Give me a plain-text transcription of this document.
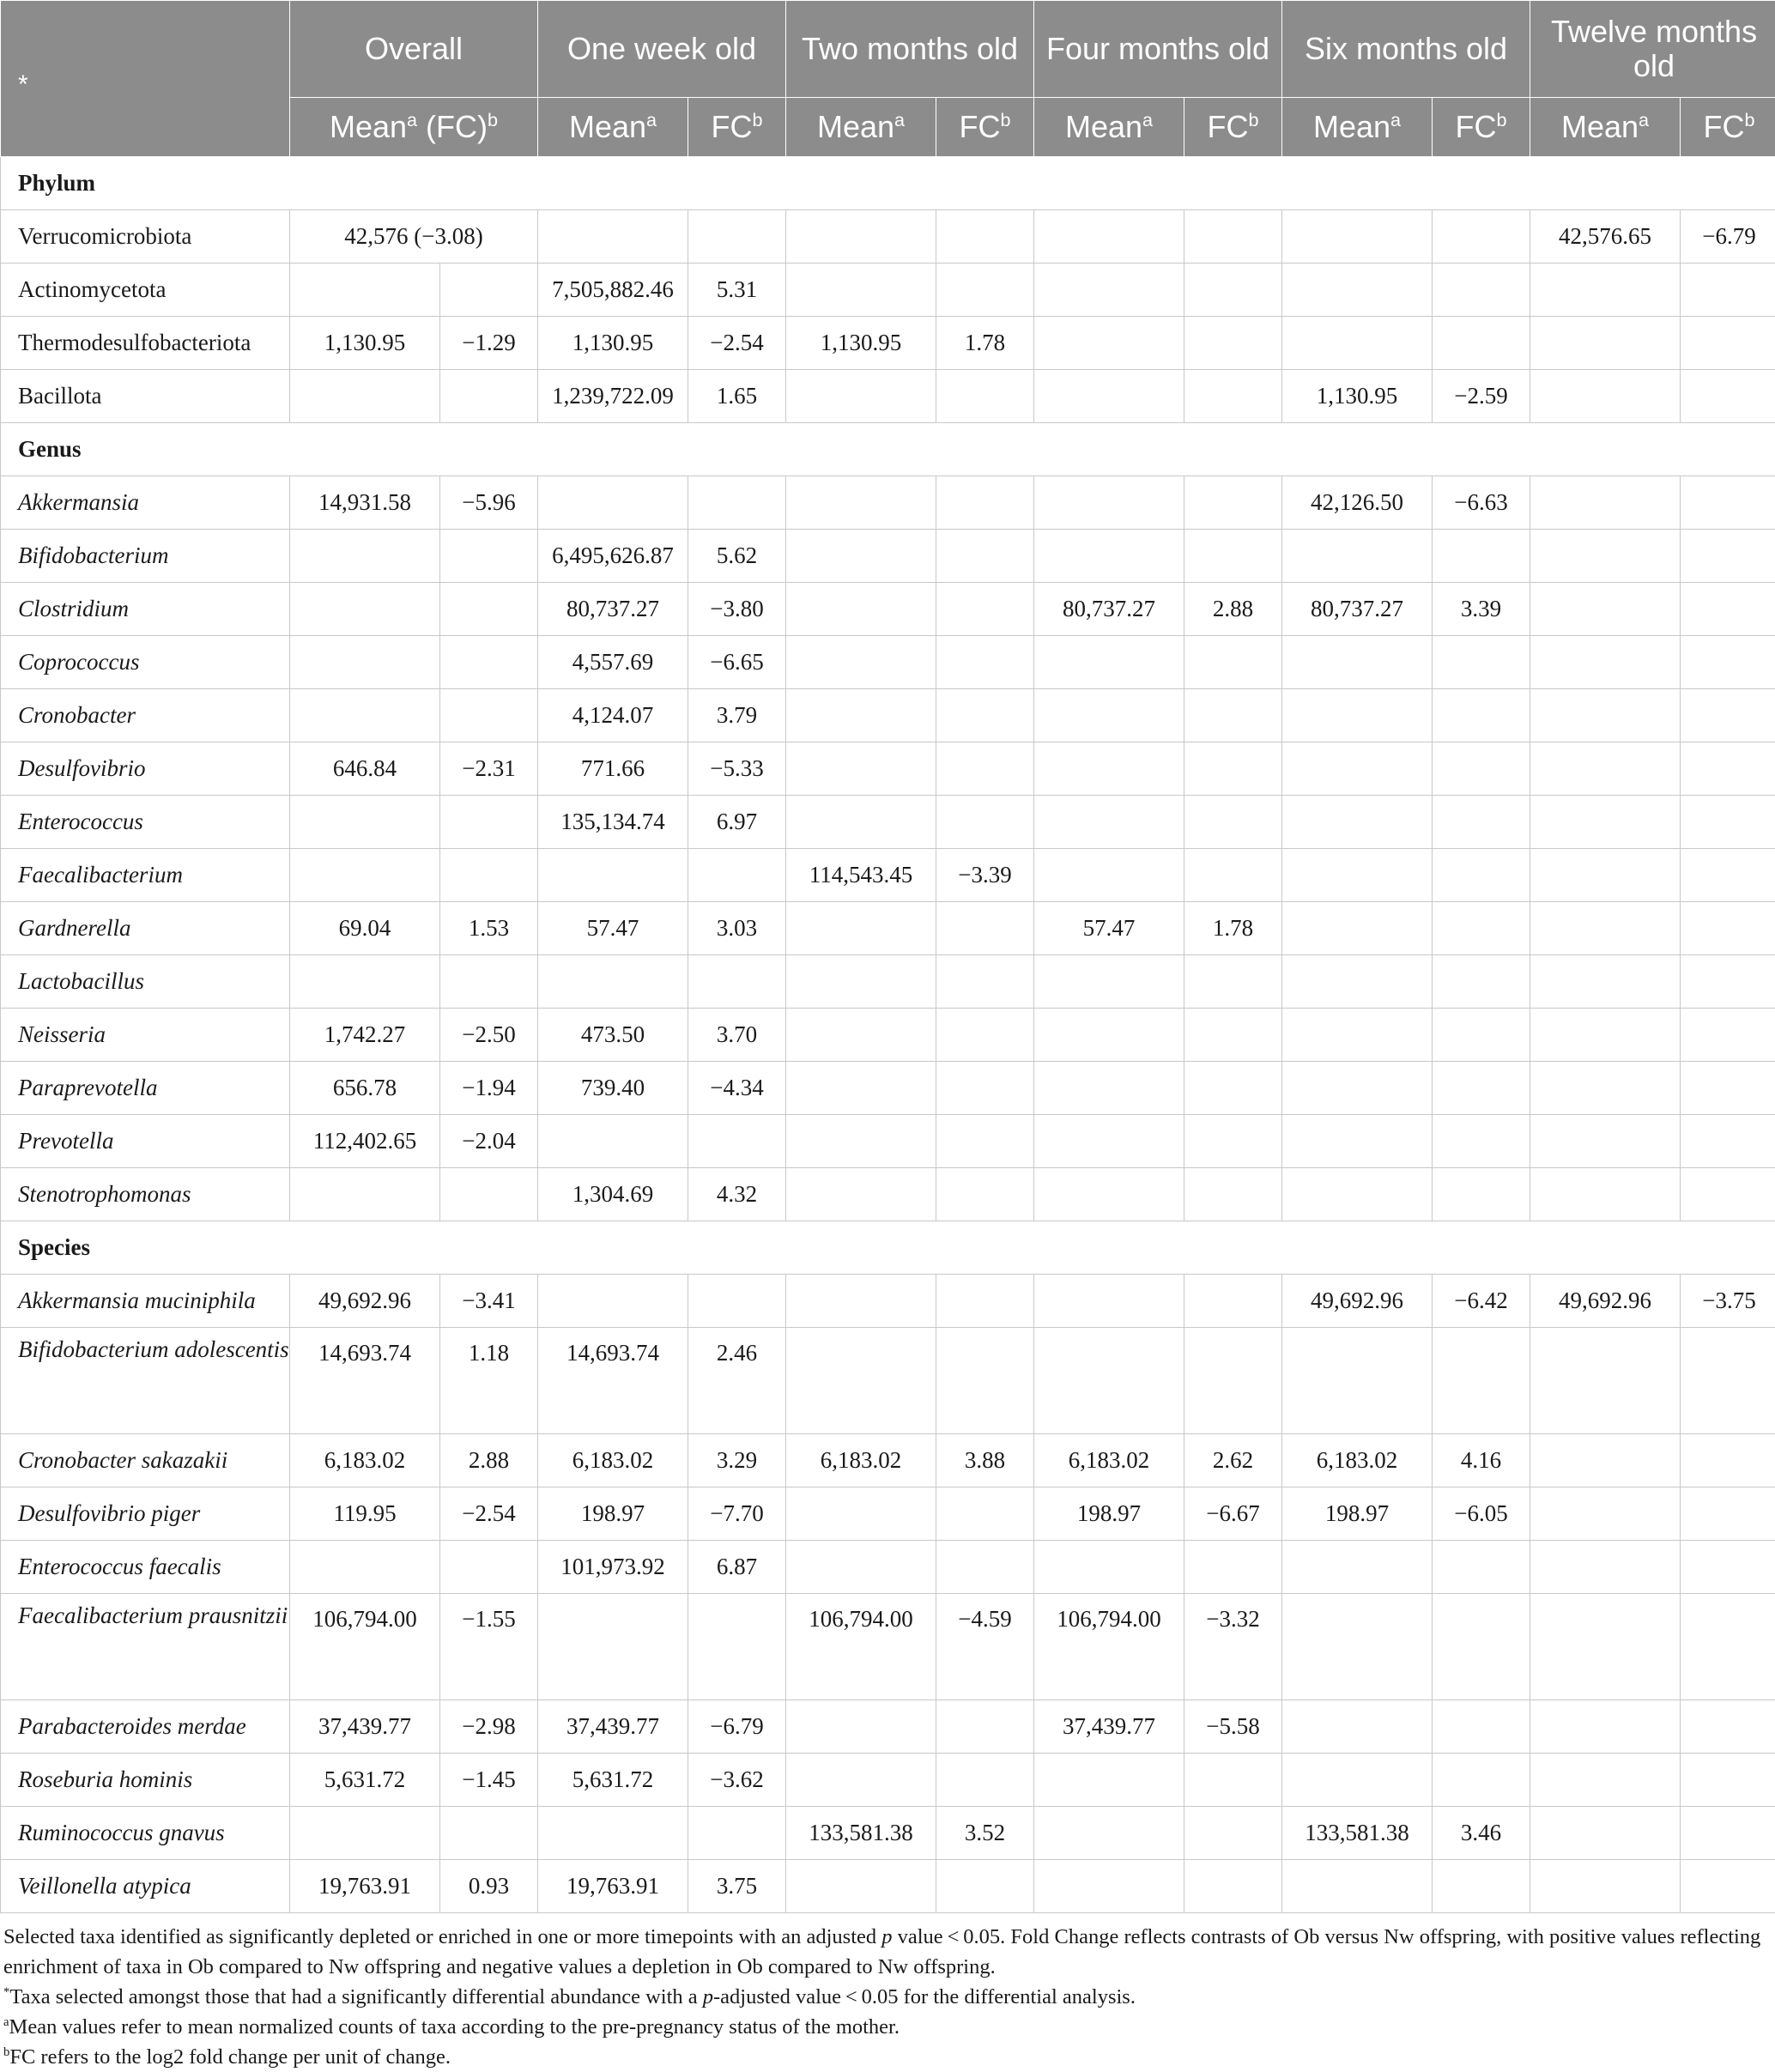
*	Overall		One week old		Two months old		Four months old		Six months old		Twelve months old	
	Mean$^a$ (FC)$^b$		Mean$^a$	$FC^b$	Mean$^a$	$FC^b$	Mean$^a$	$FC^b$	Mean$^a$	$FC^b$	Mean$^a$	$FC^b$
Phylum												
Verrucomicrobiota	42,576 (−3.08)										42,576.65	−6.79
Actinomycetota			7,505,882.46	5.31								
Thermodesulfobacteriota	1,130.95	−1.29	1,130.95	−2.54	1,130.95	1.78						
Bacillota			1,239,722.09	1.65					1,130.95	−2.59		
Genus												
Akkermansia	14,931.58	−5.96							42,126.50	−6.63		
Bifidobacterium			6,495,626.87	5.62								
Clostridium			80,737.27	−3.80			80,737.27	2.88	80,737.27	3.39		
Coprococcus			4,557.69	−6.65								
Cronobacter			4,124.07	3.79								
Desulfovibrio	646.84	−2.31	771.66	−5.33								
Enterococcus			135,134.74	6.97								
Faecalibacterium					114,543.45	−3.39						
Gardnerella	69.04	1.53	57.47	3.03			57.47	1.78				
Lactobacillus												
Neisseria	1,742.27	−2.50	473.50	3.70								
Paraprevotella	656.78	−1.94	739.40	−4.34								
Prevotella	112,402.65	−2.04										
Stenotrophomonas			1,304.69	4.32								
Species												
Akkermansia muciniphila	49,692.96	−3.41							49,692.96	−6.42	49,692.96	−3.75
Bifidobacterium adolescentis	14,693.74	1.18	14,693.74	2.46								
Cronobacter sakazakii	6,183.02	2.88	6,183.02	3.29	6,183.02	3.88	6,183.02	2.62	6,183.02	4.16		
Desulfovibrio piger	119.95	−2.54	198.97	−7.70			198.97	−6.67	198.97	−6.05		
Enterococcus faecalis			101,973.92	6.87								
Faecalibacterium prausnitzii	106,794.00	−1.55			106,794.00	−4.59	106,794.00	−3.32				
Parabacteroides merdae	37,439.77	−2.98	37,439.77	−6.79			37,439.77	−5.58				
Roseburia hominis	5,631.72	−1.45	5,631.72	−3.62								
Ruminococcus gnavus					133,581.38	3.52			133,581.38	3.46		
Veillonella atypica	19,763.91	0.93	19,763.91	3.75								

Selected taxa identified as significantly depleted or enriched in one or more timepoints with an adjusted p value < 0.05. Fold Change reflects contrasts of Ob versus Nw offspring, with positive values reflecting enrichment of taxa in Ob compared to Nw offspring and negative values a depletion in Ob compared to Nw offspring.

*Taxa selected amongst those that had a significantly differential abundance with a p-adjusted value < 0.05 for the differential analysis.

$^a$Mean values refer to mean normalized counts of taxa according to the pre-pregnancy status of the mother.

$^b$FC refers to the log2 fold change per unit of change.
